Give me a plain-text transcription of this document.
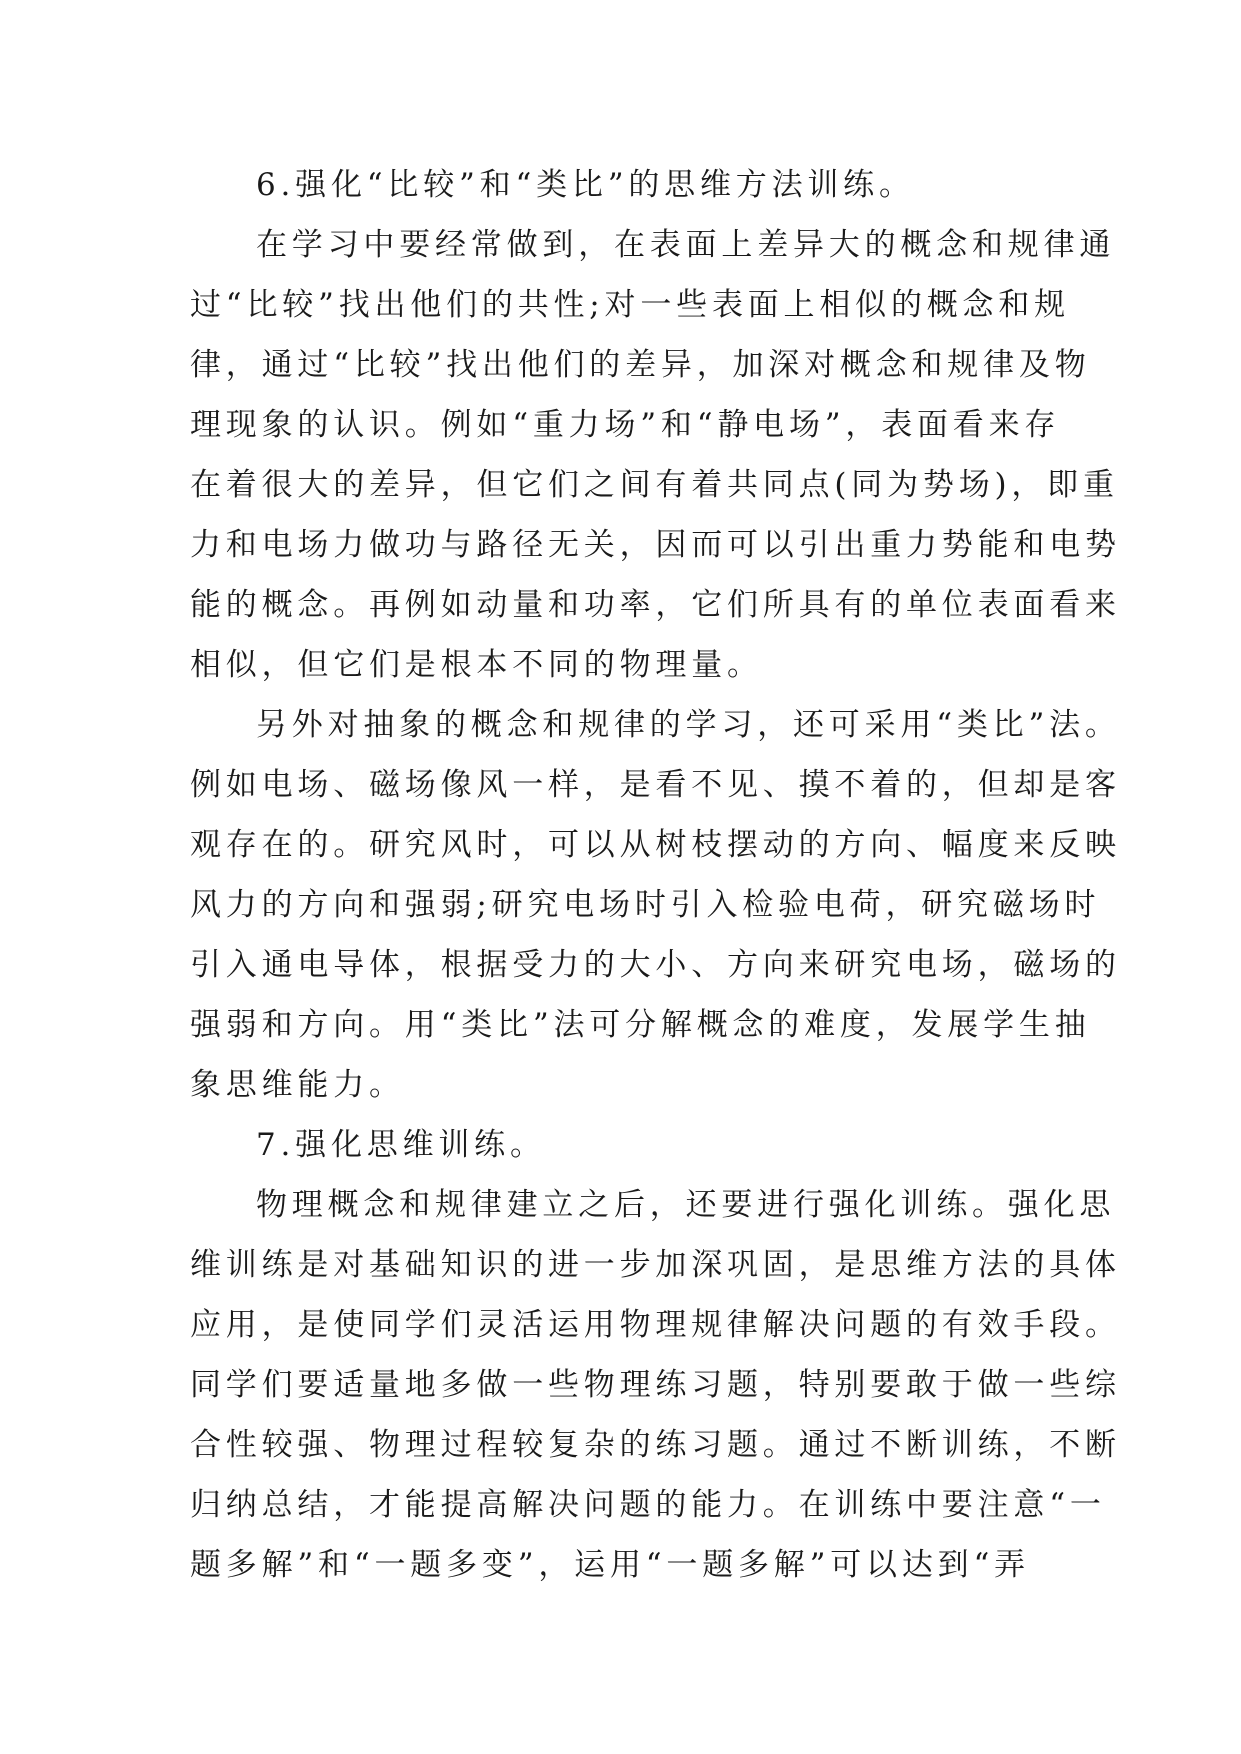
6.强化“比较”和“类比”的思维方法训练。
在学习中要经常做到，在表面上差异大的概念和规律通
过“比较”找出他们的共性;对一些表面上相似的概念和规
律，通过“比较”找出他们的差异，加深对概念和规律及物
理现象的认识。例如“重力场”和“静电场”，表面看来存
在着很大的差异，但它们之间有着共同点(同为势场)，即重
力和电场力做功与路径无关，因而可以引出重力势能和电势
能的概念。再例如动量和功率，它们所具有的单位表面看来
相似，但它们是根本不同的物理量。
另外对抽象的概念和规律的学习，还可采用“类比”法。
例如电场、磁场像风一样，是看不见、摸不着的，但却是客
观存在的。研究风时，可以从树枝摆动的方向、幅度来反映
风力的方向和强弱;研究电场时引入检验电荷，研究磁场时
引入通电导体，根据受力的大小、方向来研究电场，磁场的
强弱和方向。用“类比”法可分解概念的难度，发展学生抽
象思维能力。
7.强化思维训练。
物理概念和规律建立之后，还要进行强化训练。强化思
维训练是对基础知识的进一步加深巩固，是思维方法的具体
应用，是使同学们灵活运用物理规律解决问题的有效手段。
同学们要适量地多做一些物理练习题，特别要敢于做一些综
合性较强、物理过程较复杂的练习题。通过不断训练，不断
归纳总结，才能提高解决问题的能力。在训练中要注意“一
题多解”和“一题多变”，运用“一题多解”可以达到“弄
